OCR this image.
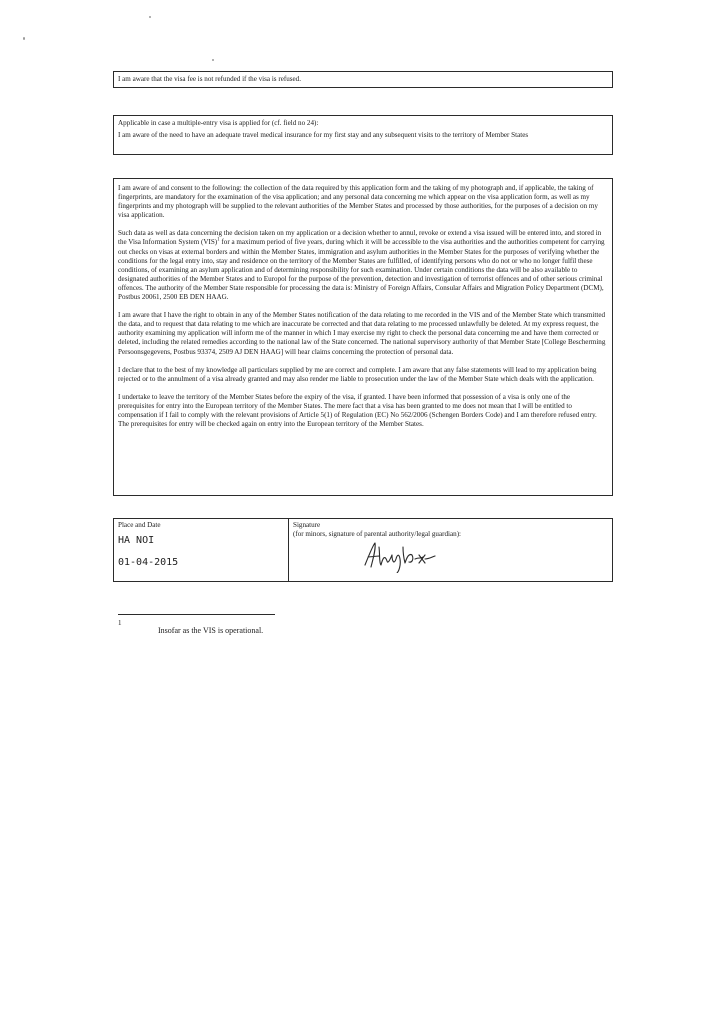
I am aware that the visa fee is not refunded if the visa is refused.

Applicable in case a multiple-entry visa is applied for (cf. field no 24):

I am aware of the need to have an adequate travel medical insurance for my first stay and any subsequent visits to the territory of Member States

I am aware of and consent to the following: the collection of the data required by this application form and the taking of my photograph and, if applicable, the taking of fingerprints, are mandatory for the examination of the visa application; and any personal data concerning me which appear on the visa application form, as well as my fingerprints and my photograph will be supplied to the relevant authorities of the Member States and processed by those authorities, for the purposes of a decision on my visa application.

Such data as well as data concerning the decision taken on my application or a decision whether to annul, revoke or extend a visa issued will be entered into, and stored in the Visa Information System (VIS)$^1$ for a maximum period of five years, during which it will be accessible to the visa authorities and the authorities competent for carrying out checks on visas at external borders and within the Member States, immigration and asylum authorities in the Member States for the purposes of verifying whether the conditions for the legal entry into, stay and residence on the territory of the Member States are fulfilled, of identifying persons who do not or who no longer fulfil these conditions, of examining an asylum application and of determining responsibility for such examination. Under certain conditions the data will be also available to designated authorities of the Member States and to Europol for the purpose of the prevention, detection and investigation of terrorist offences and of other serious criminal offences. The authority of the Member State responsible for processing the data is: Ministry of Foreign Affairs, Consular Affairs and Migration Policy Department (DCM), Postbus 20061, 2500 EB DEN HAAG.

I am aware that I have the right to obtain in any of the Member States notification of the data relating to me recorded in the VIS and of the Member State which transmitted the data, and to request that data relating to me which are inaccurate be corrected and that data relating to me processed unlawfully be deleted. At my express request, the authority examining my application will inform me of the manner in which I may exercise my right to check the personal data concerning me and have them corrected or deleted, including the related remedies according to the national law of the State concerned. The national supervisory authority of that Member State [College Bescherming Persoonsgegevens, Postbus 93374, 2509 AJ DEN HAAG] will hear claims concerning the protection of personal data.

I declare that to the best of my knowledge all particulars supplied by me are correct and complete. I am aware that any false statements will lead to my application being rejected or to the annulment of a visa already granted and may also render me liable to prosecution under the law of the Member State which deals with the application.

I undertake to leave the territory of the Member States before the expiry of the visa, if granted. I have been informed that possession of a visa is only one of the prerequisites for entry into the European territory of the Member States. The mere fact that a visa has been granted to me does not mean that I will be entitled to compensation if I fail to comply with the relevant provisions of Article 5(1) of Regulation (EC) No 562/2006 (Schengen Borders Code) and I am therefore refused entry. The prerequisites for entry will be checked again on entry into the European territory of the Member States.

Place and Date
HA NOI
01-04-2015
Signature
(for minors, signature of parental authority/legal guardian):
1
Insofar as the VIS is operational.
